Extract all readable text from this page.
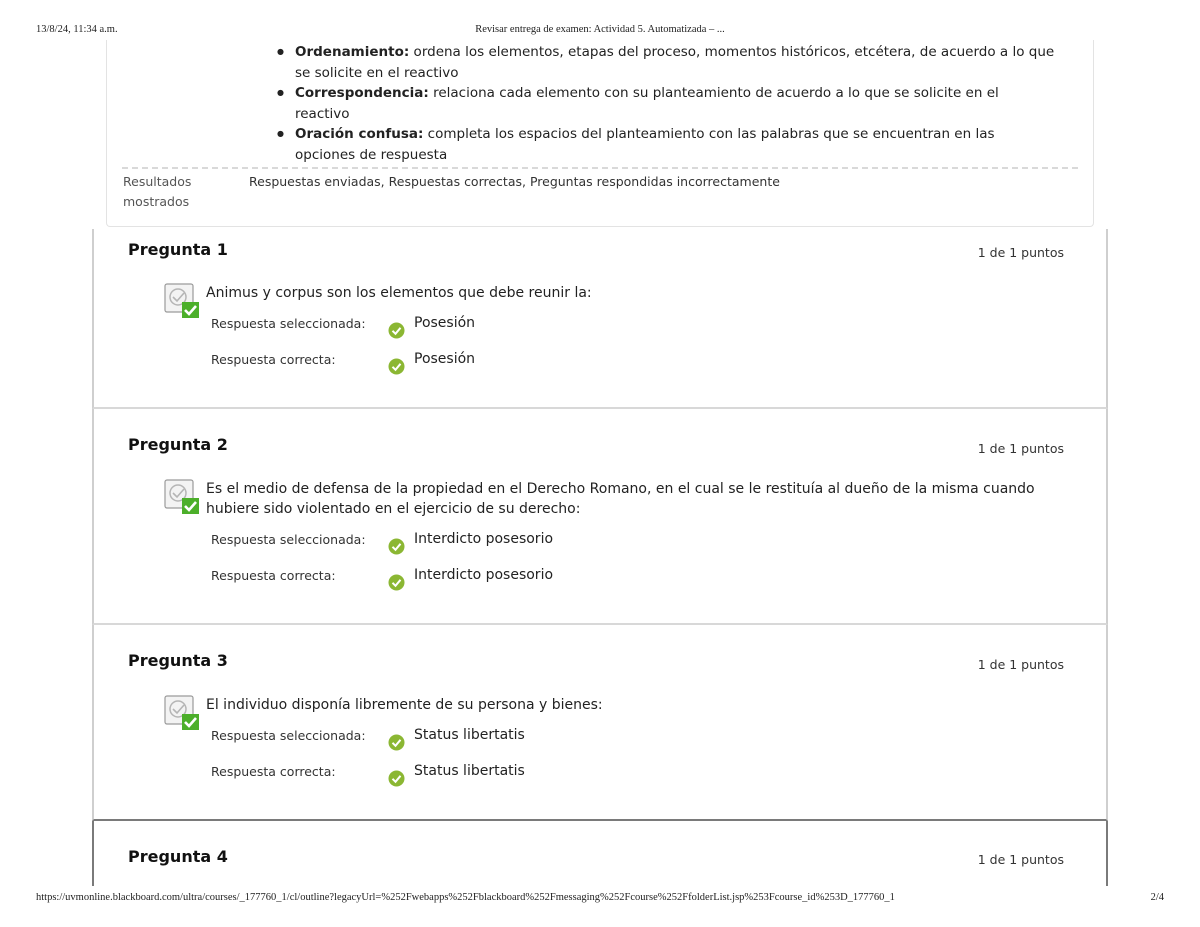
13/8/24, 11:34 a.m.	Revisar entrega de examen: Actividad 5. Automatizada – ...
● Ordenamiento: ordena los elementos, etapas del proceso, momentos históricos, etcétera, de acuerdo a lo que se solicite en el reactivo
● Correspondencia: relaciona cada elemento con su planteamiento de acuerdo a lo que se solicite en el reactivo
● Oración confusa: completa los espacios del planteamiento con las palabras que se encuentran en las opciones de respuesta
Resultados mostrados
Respuestas enviadas, Respuestas correctas, Preguntas respondidas incorrectamente
Pregunta 1	1 de 1 puntos
Animus y corpus son los elementos que debe reunir la:
Respuesta seleccionada:	Posesión
Respuesta correcta:	Posesión
Pregunta 2	1 de 1 puntos
Es el medio de defensa de la propiedad en el Derecho Romano, en el cual se le restituía al dueño de la misma cuando hubiere sido violentado en el ejercicio de su derecho:
Respuesta seleccionada:	Interdicto posesorio
Respuesta correcta:	Interdicto posesorio
Pregunta 3	1 de 1 puntos
El individuo disponía libremente de su persona y bienes:
Respuesta seleccionada:	Status libertatis
Respuesta correcta:	Status libertatis
Pregunta 4	1 de 1 puntos
https://uvmonline.blackboard.com/ultra/courses/_177760_1/cl/outline?legacyUrl=%252Fwebapps%252Fblackboard%252Fmessaging%252Fcourse%252FfolderList.jsp%253Fcourse_id%253D_177760_1	2/4
